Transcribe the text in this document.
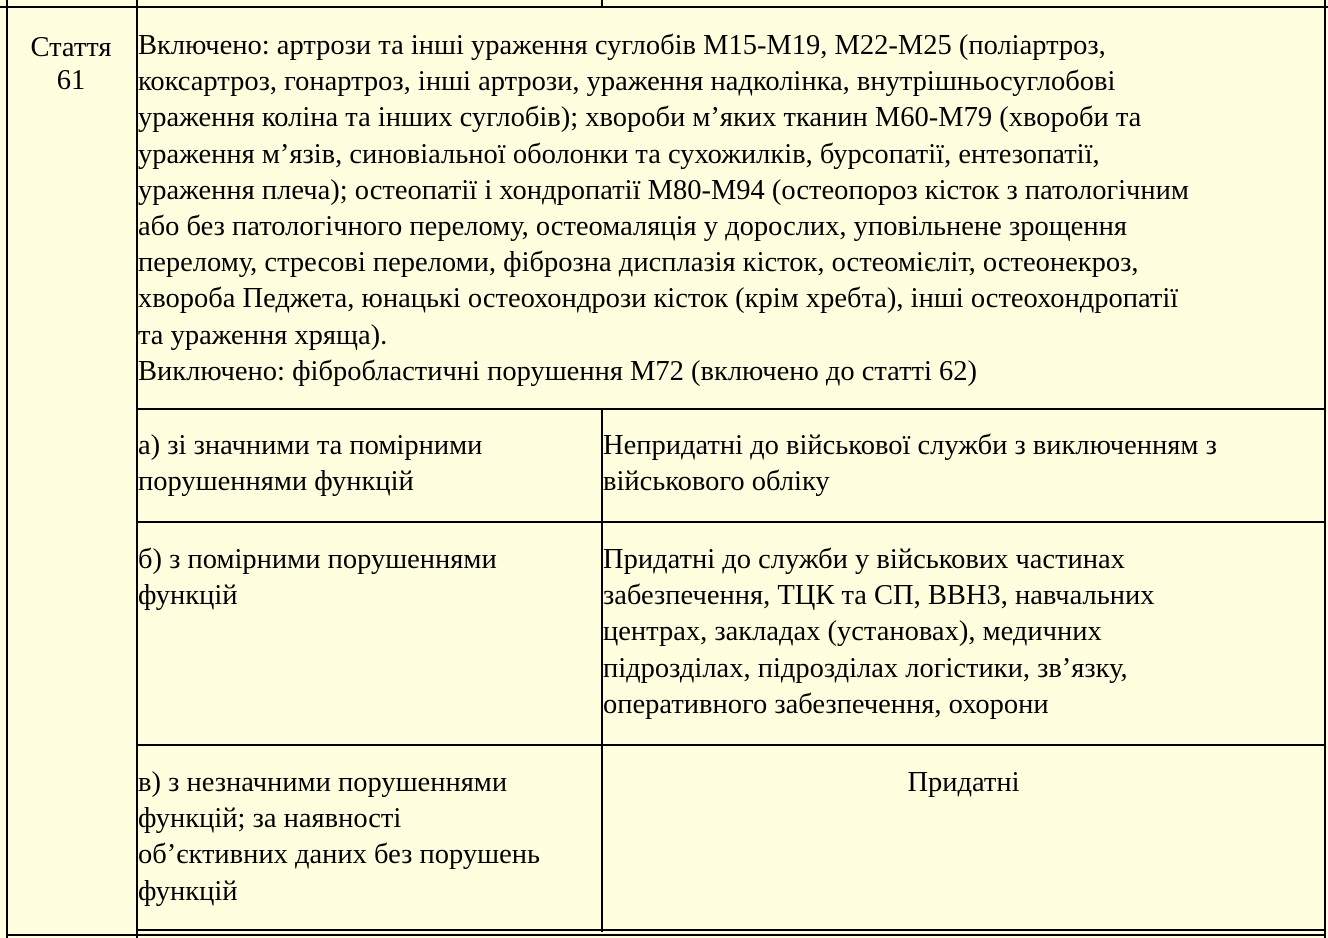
Стаття
61

Включено: артрози та інші ураження суглобів M15-M19, M22-M25 (поліартроз,
коксартроз, гонартроз, інші артрози, ураження надколінка, внутрішньосуглобові
ураження коліна та інших суглобів); хвороби м’яких тканин M60-M79 (хвороби та
ураження м’язів, синовіальної оболонки та сухожилків, бурсопатії, ентезопатії,
ураження плеча); остеопатії і хондропатії M80-M94 (остеопороз кісток з патологічним
або без патологічного перелому, остеомаляція у дорослих, уповільнене зрощення
перелому, стресові переломи, фіброзна дисплазія кісток, остеомієліт, остеонекроз,
хвороба Педжета, юнацькі остеохондрози кісток (крім хребта), інші остеохондропатії
та ураження хряща).

Виключено: фібробластичні порушення M72 (включено до статті 62)

а) зі значними та помірними
порушеннями функцій
Непридатні до військової служби з виключенням з
військового обліку
б) з помірними порушеннями
функцій
Придатні до служби у військових частинах
забезпечення, ТЦК та СП, ВВНЗ, навчальних
центрах, закладах (установах), медичних
підрозділах, підрозділах логістики, зв’язку,
оперативного забезпечення, охорони
в) з незначними порушеннями
функцій; за наявності
об’єктивних даних без порушень
функцій
Придатні
